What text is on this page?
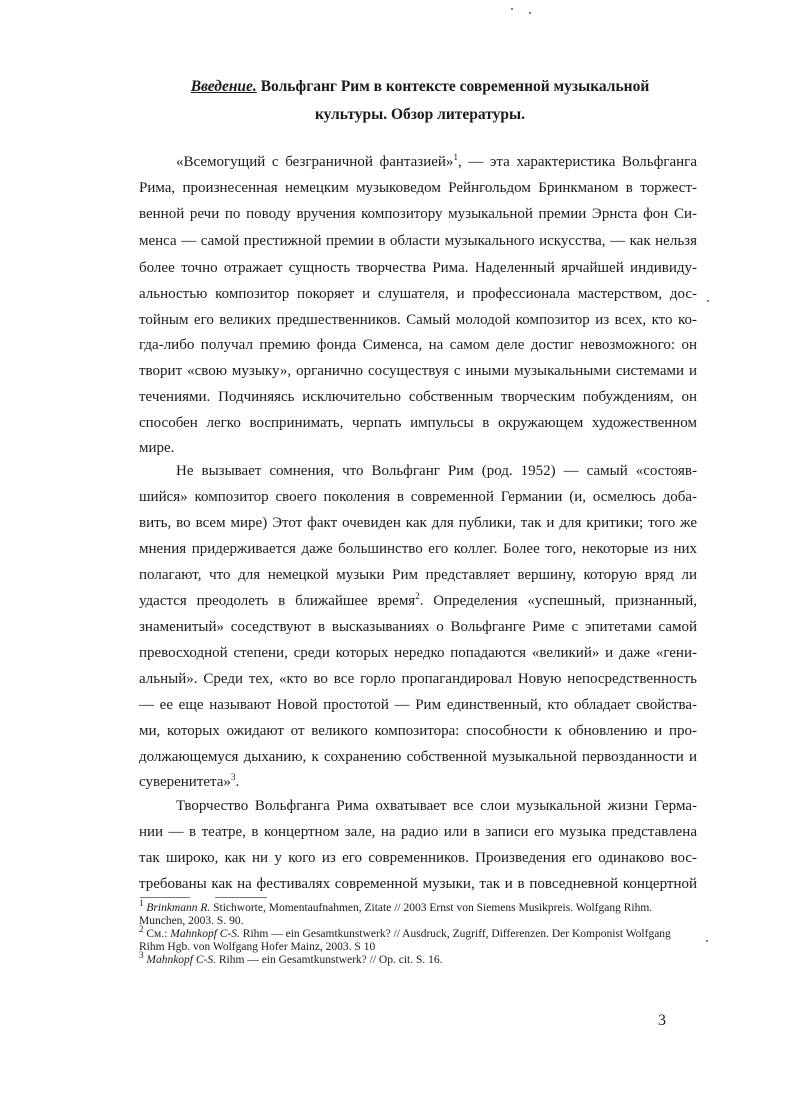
Введение. Вольфганг Рим в контексте современной музыкальной
культуры. Обзор литературы.
«Всемогущий с безграничной фантазией»$^1$, — эта характеристика Вольфганга
Рима, произнесенная немецким музыковедом Рейнгольдом Бринкманом в торжест-
венной речи по поводу вручения композитору музыкальной премии Эрнста фон Си-
менса — самой престижной премии в области музыкального искусства, — как нельзя
более точно отражает сущность творчества Рима. Наделенный ярчайшей индивиду-
альностью композитор покоряет и слушателя, и профессионала мастерством, дос-
тойным его великих предшественников. Самый молодой композитор из всех, кто ко-
гда-либо получал премию фонда Сименса, на самом деле достиг невозможного: он
творит «свою музыку», органично сосуществуя с иными музыкальными системами и
течениями. Подчиняясь исключительно собственным творческим побуждениям, он
способен легко воспринимать, черпать импульсы в окружающем художественном
мире.
Не вызывает сомнения, что Вольфганг Рим (род. 1952) — самый «состояв-
шийся» композитор своего поколения в современной Германии (и, осмелюсь доба-
вить, во всем мире) Этот факт очевиден как для публики, так и для критики; того же
мнения придерживается даже большинство его коллег. Более того, некоторые из них
полагают, что для немецкой музыки Рим представляет вершину, которую вряд ли
удастся преодолеть в ближайшее время$^2$. Определения «успешный, признанный,
знаменитый» соседствуют в высказываниях о Вольфганге Риме с эпитетами самой
превосходной степени, среди которых нередко попадаются «великий» и даже «гени-
альный». Среди тех, «кто во все горло пропагандировал Новую непосредственность
— ее еще называют Новой простотой — Рим единственный, кто обладает свойства-
ми, которых ожидают от великого композитора: способности к обновлению и про-
должающемуся дыханию, к сохранению собственной музыкальной первозданности и
суверенитета»$^3$.
Творчество Вольфганга Рима охватывает все слои музыкальной жизни Герма-
нии — в театре, в концертном зале, на радио или в записи его музыка представлена
так широко, как ни у кого из его современников. Произведения его одинаково вос-
требованы как на фестивалях современной музыки, так и в повседневной концертной
$^1$ Brinkmann R. Stichworte, Momentaufnahmen, Zitate // 2003 Ernst von Siemens Musikpreis. Wolfgang Rihm. Munchen, 2003. S. 90.
$^2$ См.: Mahnkopf C-S. Rihm — ein Gesamtkunstwerk? // Ausdruck, Zugriff, Differenzen. Der Komponist Wolfgang Rihm Hgb. von Wolfgang Hofer Mainz, 2003. S 10
$^3$ Mahnkopf C-S. Rihm — ein Gesamtkunstwerk? // Op. cit. S. 16.
3
